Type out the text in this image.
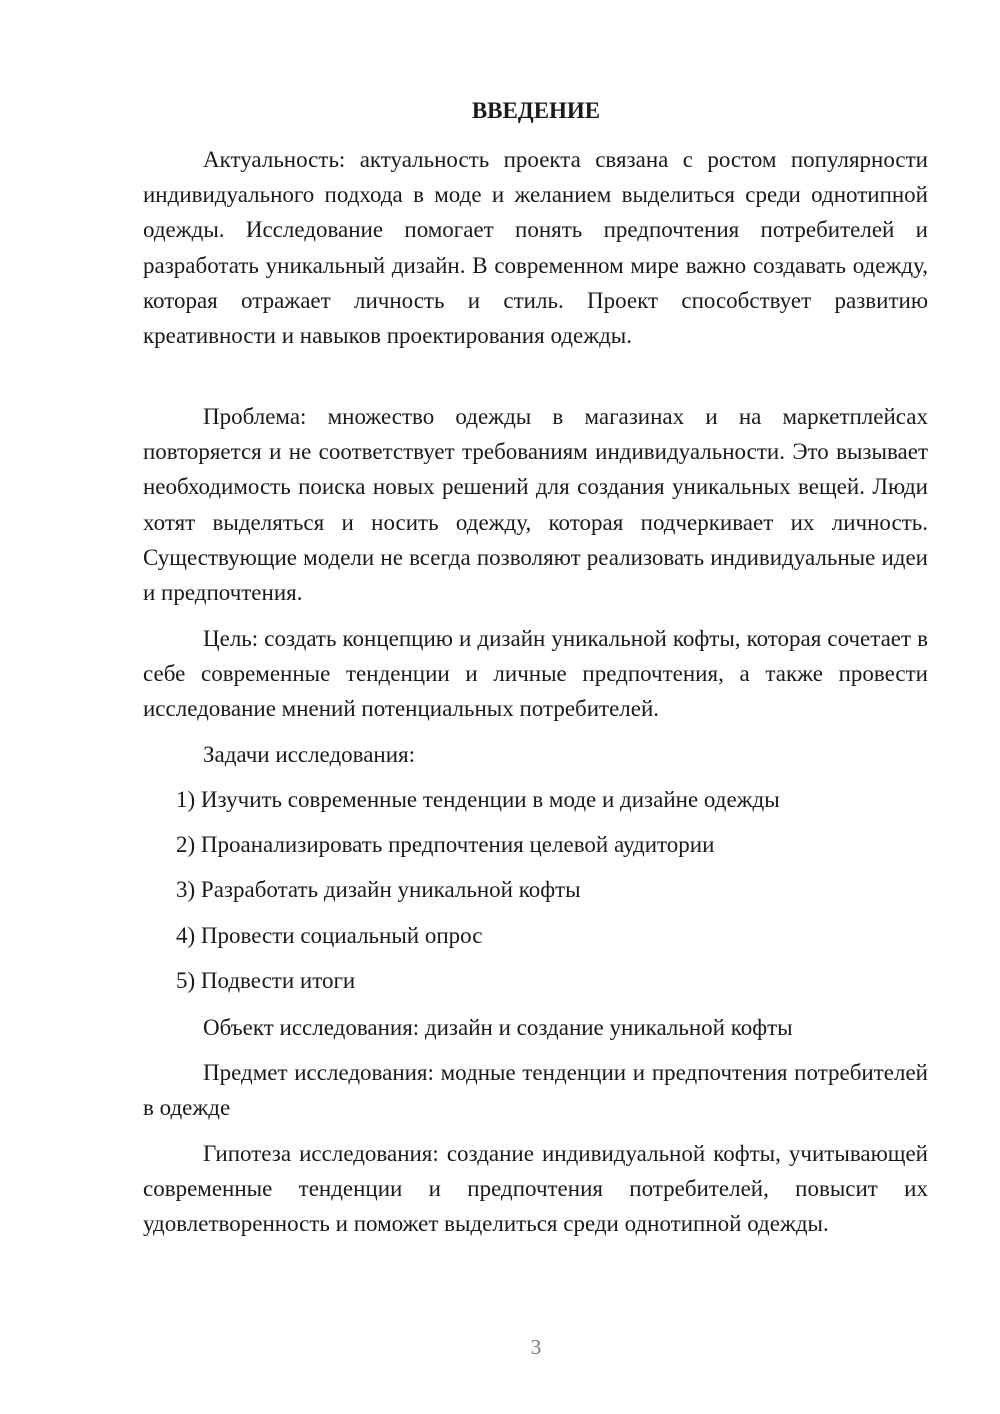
ВВЕДЕНИЕ

Актуальность: актуальность проекта связана с ростом популярности индивидуального подхода в моде и желанием выделиться среди однотипной одежды. Исследование помогает понять предпочтения потребителей и разработать уникальный дизайн. В современном мире важно создавать одежду, которая отражает личность и стиль. Проект способствует развитию креативности и навыков проектирования одежды.

Проблема: множество одежды в магазинах и на маркетплейсах повторяется и не соответствует требованиям индивидуальности. Это вызывает необходимость поиска новых решений для создания уникальных вещей. Люди хотят выделяться и носить одежду, которая подчеркивает их личность. Существующие модели не всегда позволяют реализовать индивидуальные идеи и предпочтения.

Цель: создать концепцию и дизайн уникальной кофты, которая сочетает в себе современные тенденции и личные предпочтения, а также провести исследование мнений потенциальных потребителей.

Задачи исследования:

1) Изучить современные тенденции в моде и дизайне одежды

2) Проанализировать предпочтения целевой аудитории

3) Разработать дизайн уникальной кофты

4) Провести социальный опрос

5) Подвести итоги

Объект исследования: дизайн и создание уникальной кофты

Предмет исследования: модные тенденции и предпочтения потребителей в одежде

Гипотеза исследования: создание индивидуальной кофты, учитывающей современные тенденции и предпочтения потребителей, повысит их удовлетворенность и поможет выделиться среди однотипной одежды.

3
